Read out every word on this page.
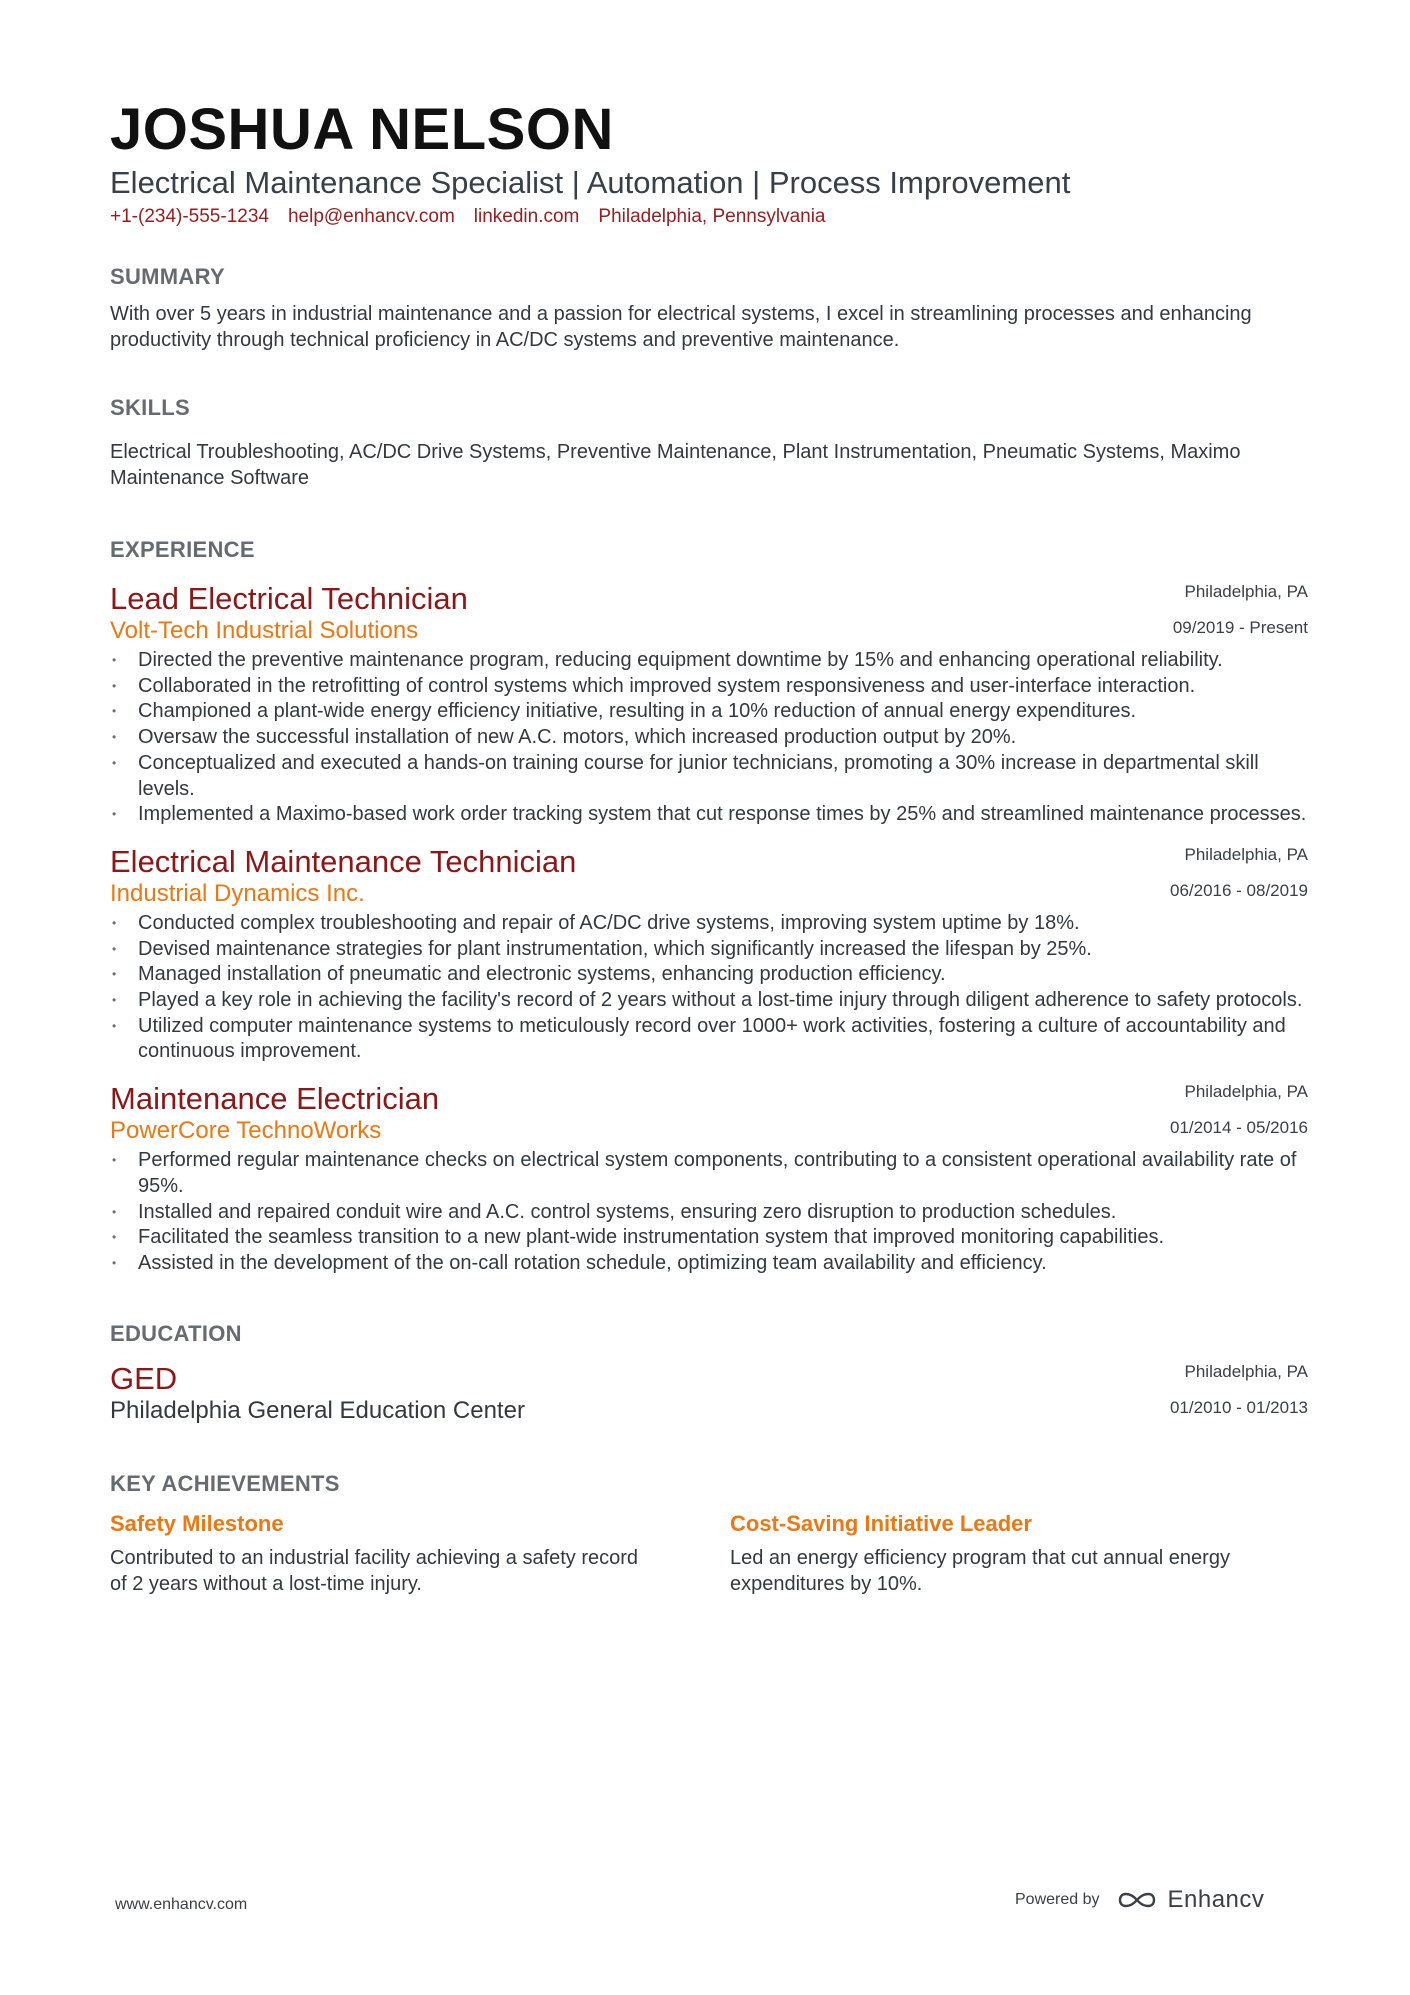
JOSHUA NELSON
Electrical Maintenance Specialist | Automation | Process Improvement
+1-(234)-555-1234 help@enhancv.com linkedin.com Philadelphia, Pennsylvania
SUMMARY
With over 5 years in industrial maintenance and a passion for electrical systems, I excel in streamlining processes and enhancing productivity through technical proficiency in AC/DC systems and preventive maintenance.
SKILLS
Electrical Troubleshooting, AC/DC Drive Systems, Preventive Maintenance, Plant Instrumentation, Pneumatic Systems, Maximo Maintenance Software
EXPERIENCE
Lead Electrical Technician
Volt-Tech Industrial Solutions
Philadelphia, PA
09/2019 - Present
• Directed the preventive maintenance program, reducing equipment downtime by 15% and enhancing operational reliability.
• Collaborated in the retrofitting of control systems which improved system responsiveness and user-interface interaction.
• Championed a plant-wide energy efficiency initiative, resulting in a 10% reduction of annual energy expenditures.
• Oversaw the successful installation of new A.C. motors, which increased production output by 20%.
• Conceptualized and executed a hands-on training course for junior technicians, promoting a 30% increase in departmental skill levels.
• Implemented a Maximo-based work order tracking system that cut response times by 25% and streamlined maintenance processes.
Electrical Maintenance Technician
Industrial Dynamics Inc.
Philadelphia, PA
06/2016 - 08/2019
• Conducted complex troubleshooting and repair of AC/DC drive systems, improving system uptime by 18%.
• Devised maintenance strategies for plant instrumentation, which significantly increased the lifespan by 25%.
• Managed installation of pneumatic and electronic systems, enhancing production efficiency.
• Played a key role in achieving the facility's record of 2 years without a lost-time injury through diligent adherence to safety protocols.
• Utilized computer maintenance systems to meticulously record over 1000+ work activities, fostering a culture of accountability and continuous improvement.
Maintenance Electrician
PowerCore TechnoWorks
Philadelphia, PA
01/2014 - 05/2016
• Performed regular maintenance checks on electrical system components, contributing to a consistent operational availability rate of 95%.
• Installed and repaired conduit wire and A.C. control systems, ensuring zero disruption to production schedules.
• Facilitated the seamless transition to a new plant-wide instrumentation system that improved monitoring capabilities.
• Assisted in the development of the on-call rotation schedule, optimizing team availability and efficiency.
EDUCATION
GED
Philadelphia General Education Center
Philadelphia, PA
01/2010 - 01/2013
KEY ACHIEVEMENTS
Safety Milestone
Contributed to an industrial facility achieving a safety record of 2 years without a lost-time injury.
Cost-Saving Initiative Leader
Led an energy efficiency program that cut annual energy expenditures by 10%.
www.enhancv.com	Powered by	Enhancv
